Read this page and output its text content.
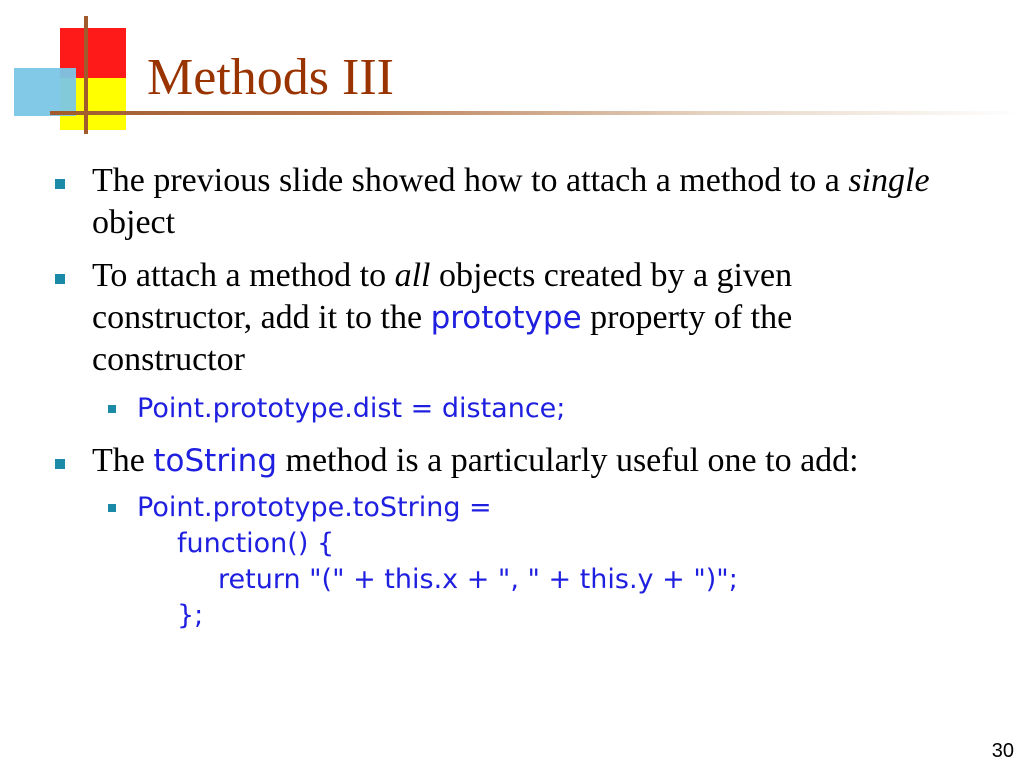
Methods III
The previous slide showed how to attach a method to a single object
To attach a method to all objects created by a given constructor, add it to the prototype property of the constructor
Point.prototype.dist = distance;
The toString method is a particularly useful one to add:
Point.prototype.toString =
function() {
return "(" + this.x + ", " + this.y + ")";
};
30
